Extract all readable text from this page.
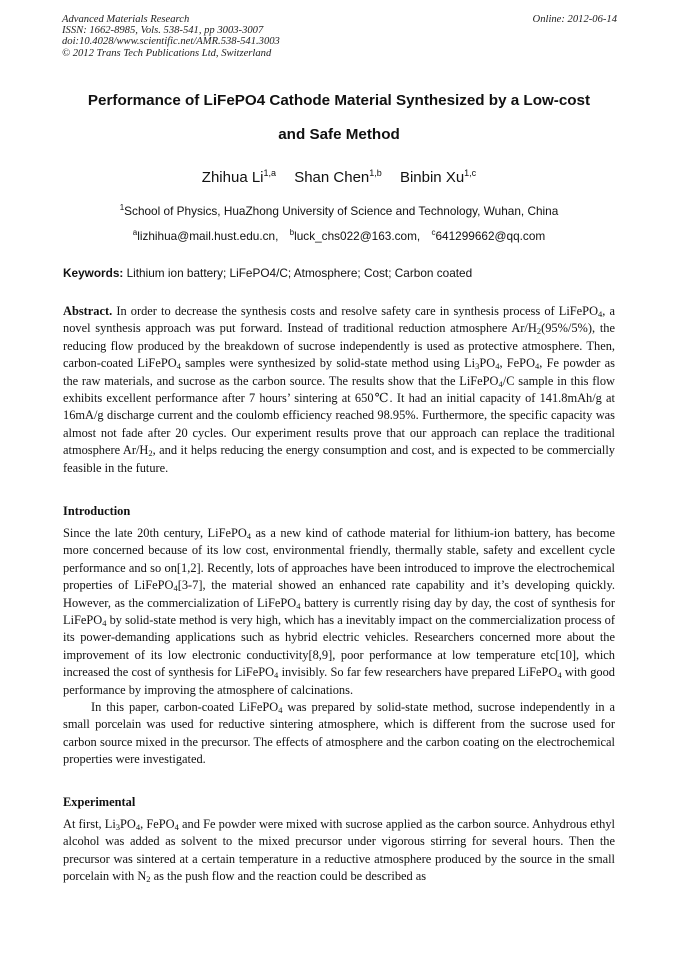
Advanced Materials Research
ISSN: 1662-8985, Vols. 538-541, pp 3003-3007
doi:10.4028/www.scientific.net/AMR.538-541.3003
© 2012 Trans Tech Publications Ltd, Switzerland
Online: 2012-06-14
Performance of LiFePO4 Cathode Material Synthesized by a Low-cost
and Safe Method
Zhihua Li$^{1,a}$ Shan Chen$^{1,b}$ Binbin Xu$^{1,c}$
$^1$School of Physics, HuaZhong University of Science and Technology, Wuhan, China
$^a$lizhihua@mail.hust.edu.cn, $^b$luck_chs022@163.com, $^c$641299662@qq.com
Keywords: Lithium ion battery; LiFePO4/C; Atmosphere; Cost; Carbon coated

Abstract. In order to decrease the synthesis costs and resolve safety care in synthesis process of LiFePO$_4$, a novel synthesis approach was put forward. Instead of traditional reduction atmosphere $Ar/H_2(95\%/5\%)$, the reducing flow produced by the breakdown of sucrose independently is used as protective atmosphere. Then, carbon-coated LiFePO$_4$ samples were synthesized by solid-state method using $Li_3PO_4$, FePO$_4$, Fe powder as the raw materials, and sucrose as the carbon source. The results show that the LiFePO$_4$/C sample in this flow exhibits excellent performance after 7 hours’ sintering at 650℃. It had an initial capacity of 141.8mAh/g at 16mA/g discharge current and the coulomb efficiency reached 98.95%. Furthermore, the specific capacity was almost not fade after 20 cycles. Our experiment results prove that our approach can replace the traditional atmosphere $Ar/H_2$, and it helps reducing the energy consumption and cost, and is expected to be commercially feasible in the future.

Introduction

Since the late 20th century, LiFePO$_4$ as a new kind of cathode material for lithium-ion battery, has become more concerned because of its low cost, environmental friendly, thermally stable, safety and excellent cycle performance and so on[1,2]. Recently, lots of approaches have been introduced to improve the electrochemical properties of LiFePO$_4$[3-7], the material showed an enhanced rate capability and it’s developing quickly. However, as the commercialization of LiFePO$_4$ battery is currently rising day by day, the cost of synthesis for LiFePO$_4$ by solid-state method is very high, which has a inevitably impact on the commercialization process of its power-demanding applications such as hybrid electric vehicles. Researchers concerned more about the improvement of its low electronic conductivity[8,9], poor performance at low temperature etc[10], which increased the cost of synthesis for LiFePO$_4$ invisibly. So far few researchers have prepared LiFePO$_4$ with good performance by improving the atmosphere of calcinations.

In this paper, carbon-coated LiFePO$_4$ was prepared by solid-state method, sucrose independently in a small porcelain was used for reductive sintering atmosphere, which is different from the sucrose used for carbon source mixed in the precursor. The effects of atmosphere and the carbon coating on the electrochemical properties were investigated.

Experimental

At first, $Li_3PO_4$, FePO$_4$ and Fe powder were mixed with sucrose applied as the carbon source. Anhydrous ethyl alcohol was added as solvent to the mixed precursor under vigorous stirring for several hours. Then the precursor was sintered at a certain temperature in a reductive atmosphere produced by the source in the small porcelain with $N_2$ as the push flow and the reaction could be described as
